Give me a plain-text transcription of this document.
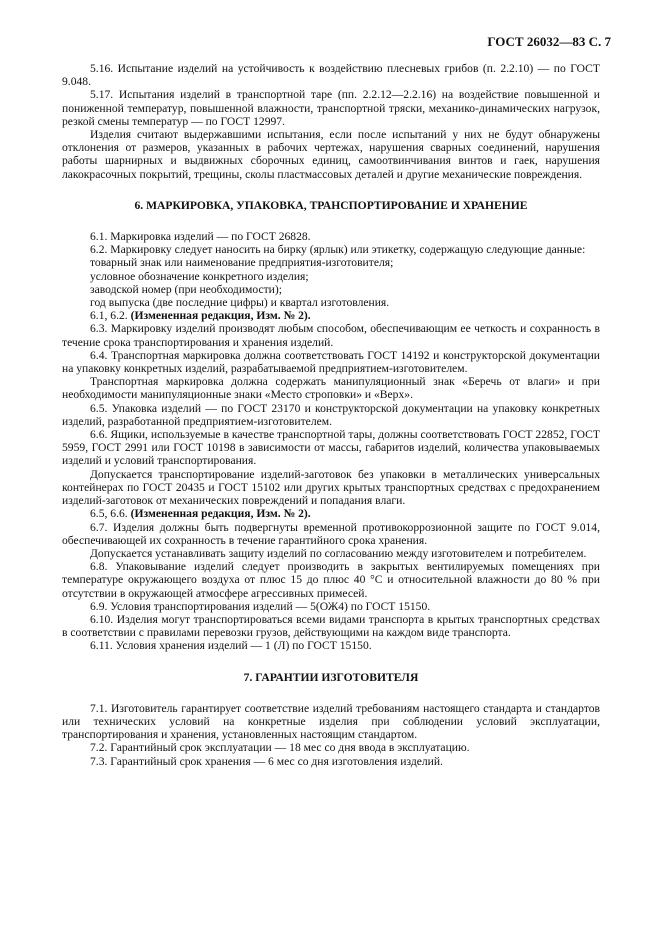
ГОСТ 26032—83 С. 7

5.16. Испытание изделий на устойчивость к воздействию плесневых грибов (п. 2.2.10) — по ГОСТ 9.048.

5.17. Испытания изделий в транспортной таре (пп. 2.2.12—2.2.16) на воздействие повышенной и пониженной температур, повышенной влажности, транспортной тряски, механико-динамических нагрузок, резкой смены температур — по ГОСТ 12997.

Изделия считают выдержавшими испытания, если после испытаний у них не будут обнаружены отклонения от размеров, указанных в рабочих чертежах, нарушения сварных соединений, нарушения работы шарнирных и выдвижных сборочных единиц, самоотвинчивания винтов и гаек, нарушения лакокрасочных покрытий, трещины, сколы пластмассовых деталей и другие механические повреждения.

6. МАРКИРОВКА, УПАКОВКА, ТРАНСПОРТИРОВАНИЕ И ХРАНЕНИЕ

6.1. Маркировка изделий — по ГОСТ 26828.

6.2. Маркировку следует наносить на бирку (ярлык) или этикетку, содержащую следующие данные:

товарный знак или наименование предприятия-изготовителя;

условное обозначение конкретного изделия;

заводской номер (при необходимости);

год выпуска (две последние цифры) и квартал изготовления.

6.1, 6.2. (Измененная редакция, Изм. № 2).

6.3. Маркировку изделий производят любым способом, обеспечивающим ее четкость и сохранность в течение срока транспортирования и хранения изделий.

6.4. Транспортная маркировка должна соответствовать ГОСТ 14192 и конструкторской документации на упаковку конкретных изделий, разрабатываемой предприятием-изготовителем.

Транспортная маркировка должна содержать манипуляционный знак «Беречь от влаги» и при необходимости манипуляционные знаки «Место строповки» и «Верх».

6.5. Упаковка изделий — по ГОСТ 23170 и конструкторской документации на упаковку конкретных изделий, разработанной предприятием-изготовителем.

6.6. Ящики, используемые в качестве транспортной тары, должны соответствовать ГОСТ 22852, ГОСТ 5959, ГОСТ 2991 или ГОСТ 10198 в зависимости от массы, габаритов изделий, количества упаковываемых изделий и условий транспортирования.

Допускается транспортирование изделий-заготовок без упаковки в металлических универсальных контейнерах по ГОСТ 20435 и ГОСТ 15102 или других крытых транспортных средствах с предохранением изделий-заготовок от механических повреждений и попадания влаги.

6.5, 6.6. (Измененная редакция, Изм. № 2).

6.7. Изделия должны быть подвергнуты временной противокоррозионной защите по ГОСТ 9.014, обеспечивающей их сохранность в течение гарантийного срока хранения.

Допускается устанавливать защиту изделий по согласованию между изготовителем и потребителем.

6.8. Упаковывание изделий следует производить в закрытых вентилируемых помещениях при температуре окружающего воздуха от плюс 15 до плюс 40 °С и относительной влажности до 80 % при отсутствии в окружающей атмосфере агрессивных примесей.

6.9. Условия транспортирования изделий — 5(ОЖ4) по ГОСТ 15150.

6.10. Изделия могут транспортироваться всеми видами транспорта в крытых транспортных средствах в соответствии с правилами перевозки грузов, действующими на каждом виде транспорта.

6.11. Условия хранения изделий — 1 (Л) по ГОСТ 15150.

7. ГАРАНТИИ ИЗГОТОВИТЕЛЯ

7.1. Изготовитель гарантирует соответствие изделий требованиям настоящего стандарта и стандартов или технических условий на конкретные изделия при соблюдении условий эксплуатации, транспортирования и хранения, установленных настоящим стандартом.

7.2. Гарантийный срок эксплуатации — 18 мес со дня ввода в эксплуатацию.

7.3. Гарантийный срок хранения — 6 мес со дня изготовления изделий.
